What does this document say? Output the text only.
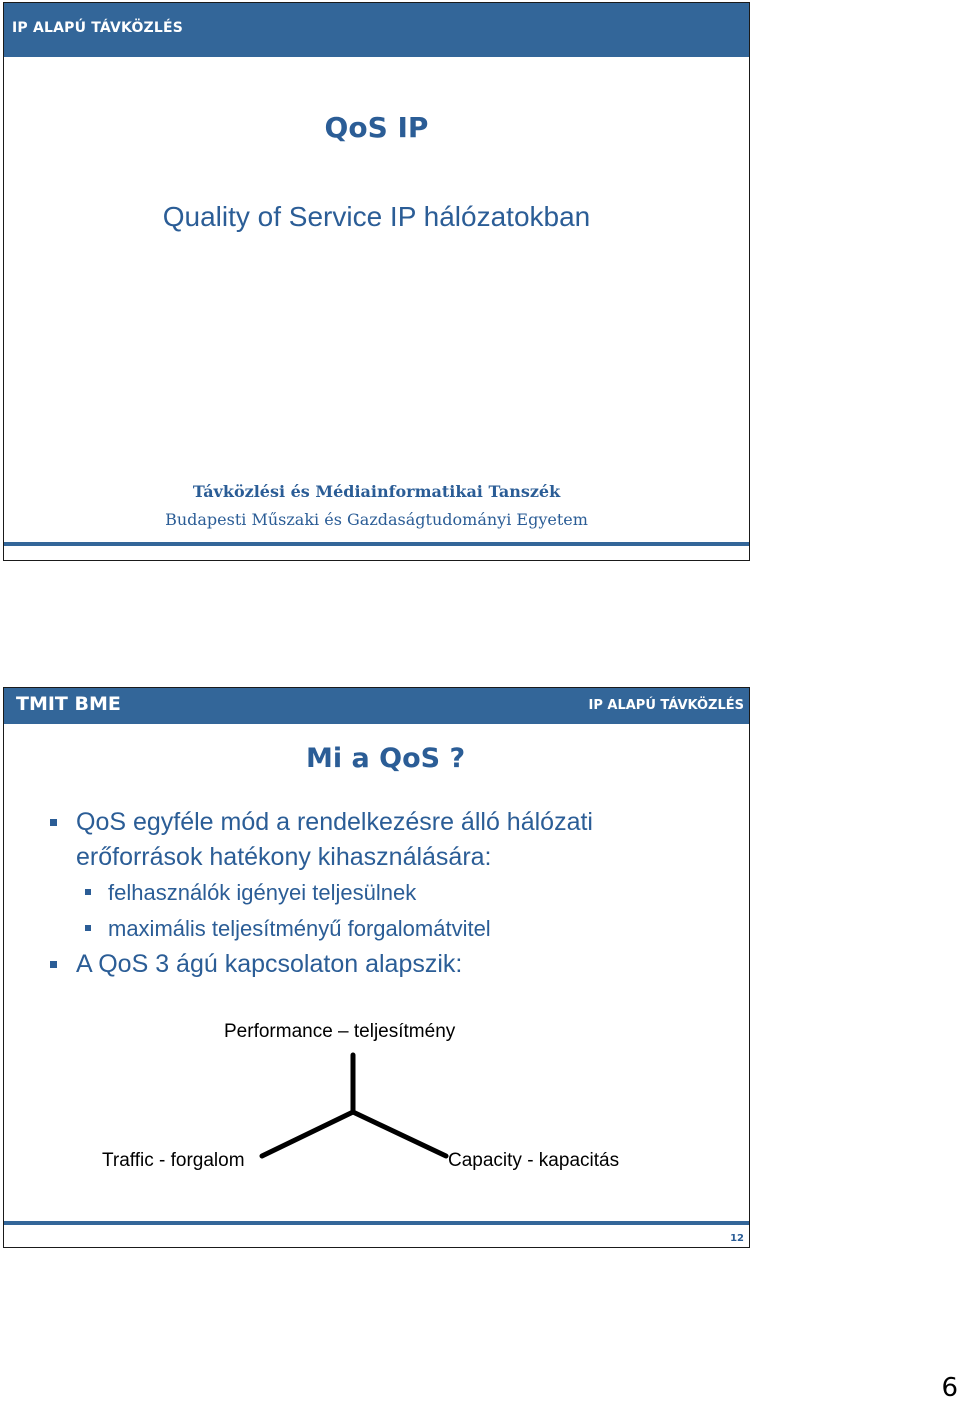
IP ALAPÚ TÁVKÖZLÉS
QoS IP
Quality of Service IP hálózatokban
Távközlési és Médiainformatikai Tanszék
Budapesti Műszaki és Gazdaságtudományi Egyetem
TMIT BME	IP ALAPÚ TÁVKÖZLÉS
Mi a QoS ?
QoS egyféle mód a rendelkezésre álló hálózati
erőforrások hatékony kihasználására:
felhasználók igényei teljesülnek
maximális teljesítményű forgalomátvitel
A QoS 3 ágú kapcsolaton alapszik:
Performance – teljesítmény
Traffic - forgalom	Capacity - kapacitás
12
6
